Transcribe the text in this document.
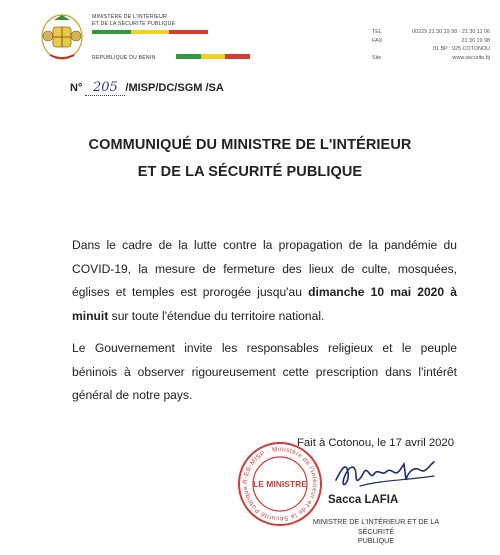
MINISTÈRE DE L'INTÉRIEUR
ET DE LA SÉCURITÉ PUBLIQUE
RÉPUBLIQUE DU BÉNIN
TEL	00229 21 30 19 98 · 21 30 11 06
FAX	21 30 19 98
01 BP : 925 COTONOU
Site	www.securite.bj
N° 205 /MISP/DC/SGM /SA
COMMUNIQUÉ DU MINISTRE DE L'INTÉRIEUR
ET DE LA SÉCURITÉ PUBLIQUE
Dans le cadre de la lutte contre la propagation de la pandémie du COVID-19, la mesure de fermeture des lieux de culte, mosquées, églises et temples est prorogée jusqu'au dimanche 10 mai 2020 à minuit sur toute l'étendue du territoire national.
Le Gouvernement invite les responsables religieux et le peuple béninois à observer rigoureusement cette prescription dans l'intérêt général de notre pays.
Fait à Cotonou, le 17 avril 2020
R-EB-MISP · Ministère de l'Intérieur et de la Sécurité Publique LE MINISTRE
Sacca LAFIA
MINISTRE DE L'INTÉRIEUR ET DE LA SÉCURITÉ
PUBLIQUE
